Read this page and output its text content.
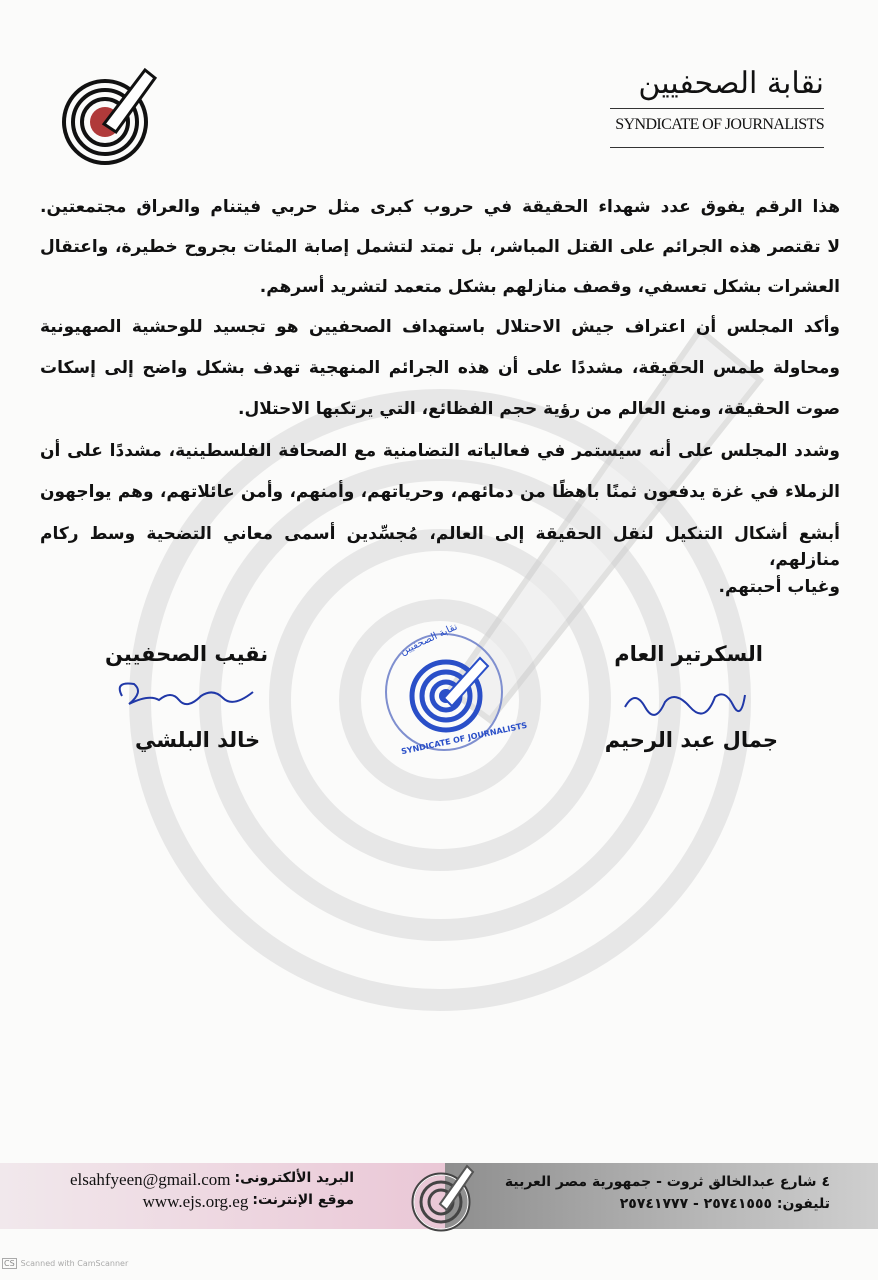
نقابة الصحفيين
SYNDICATE OF JOURNALISTS
هذا الرقم يفوق عدد شهداء الحقيقة في حروب كبرى مثل حربي فيتنام والعراق مجتمعتين.
لا تقتصر هذه الجرائم على القتل المباشر، بل تمتد لتشمل إصابة المئات بجروح خطيرة، واعتقال
العشرات بشكل تعسفي، وقصف منازلهم بشكل متعمد لتشريد أسرهم.
وأكد المجلس أن اعتراف جيش الاحتلال باستهداف الصحفيين هو تجسيد للوحشية الصهيونية
ومحاولة طمس الحقيقة، مشددًا على أن هذه الجرائم المنهجية تهدف بشكل واضح إلى إسكات
صوت الحقيقة، ومنع العالم من رؤية حجم الفظائع، التي يرتكبها الاحتلال.
وشدد المجلس على أنه سيستمر في فعالياته التضامنية مع الصحافة الفلسطينية، مشددًا على أن
الزملاء في غزة يدفعون ثمنًا باهظًا من دمائهم، وحرياتهم، وأمنهم، وأمن عائلاتهم، وهم يواجهون
أبشع أشكال التنكيل لنقل الحقيقة إلى العالم، مُجسِّدين أسمى معاني التضحية وسط ركام منازلهم،
وغياب أحبتهم.
السكرتير العام
جمال عبد الرحيم
نقيب الصحفيين
خالد البلشي	SYNDICATE OF JOURNALISTS
نقابة الصحفيين
elsahfyeen@gmail.com البريد الألكترونى:
www.ejs.org.eg موقع الإنترنت:
٤ شارع عبدالخالق ثروت - جمهورية مصر العربية
تليفون: ٢٥٧٤١٥٥٥ - ٢٥٧٤١٧٧٧
CS Scanned with CamScanner
